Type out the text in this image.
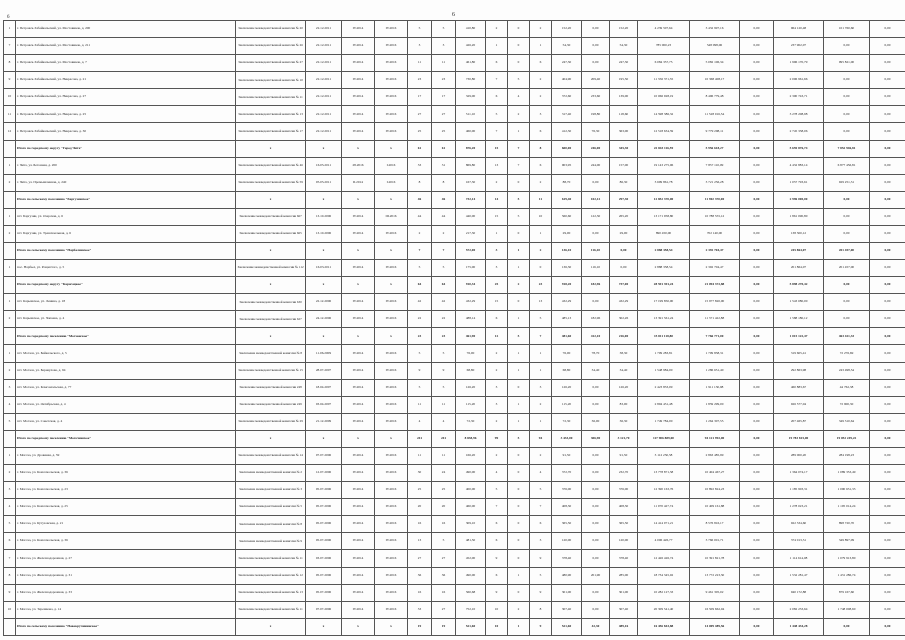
6
6
1	г. Петровск-Забайкальский, ул. Мостовиков, д. 200	Заключение межведомственной комиссии № 20	22.12.2011	IV.2014	IV.2016	5	5	410,80	2	0	2	152,20	0,00	152,20	4 239 507,64	3 432 997,16	0,00	964 120,48	101 760,60	0,00
7	г. Петровск-Забайкальский, ул. Мостовиков, д. 211	Заключение межведомственной комиссии № 26	22.12.2011	IV.2014	IV.2016	3	3	426,20	1	0	1	54,30	0,00	54,30	785 000,23	548 098,06	0,00	237 902,07	0,00	0,00
8	г. Петровск-Забайкальский, ул. Мостовиков, д. 7	Заключение межведомственной комиссии № 27	22.12.2011	IV.2014	IV.2016	11	11	461,80	6	0	6	247,30	0,00	247,30	6 084 357,75	5 082 106,34	0,00	1 996 170,79	995 821,00	0,00
9	г. Петровск-Забайкальский, ул. Некрасова, д. 21	Заключение межведомственной комиссии № 10	22.12.2011	IV.2014	IV.2016	23	23	730,80	7	5	2	404,90	209,40	195,50	11 356 371,35	10 368 408,17	0,00	2 006 961,66	0,00	0,00
10	г. Петровск-Забайкальский, ул. Некрасова, д. 27	Заключение межведомственной комиссии № 11	22.12.2011	IV.2014	IV.2016	17	17	329,00	6	4	2	372,60	233,60	139,00	10 066 928,19	8 496 779,48	0,00	2 300 743,71	0,00	0,00
11	г. Петровск-Забайкальский, ул. Некрасова, д. 25	Заключение межведомственной комиссии № 13	22.12.2011	IV.2014	IV.2016	27	27	511,10	5	2	3	317,40	198,80	118,60	14 598 386,32	11 528 016,54	0,00	3 278 208,98	0,00	0,00
12	г. Петровск-Забайкальский, ул. Некрасова, д. 30	Заключение межведомственной комиссии № 17	22.12.2011	IV.2014	IV.2016	25	25	460,00	7	1	6	412,30	76,30	363,00	12 518 634,59	9 779 298,11	0,00	2 745 338,06	0,00	0,00
	Итого по городскому округу "Город Чита"	x	x	x	x	61	61	876,20	15	7	8	600,00	246,00	345,30	22 843 116,59	5 956 618,27	0,00	5 659 876,74	7 852 946,81	0,00
1	г. Чита, ул. Бетонная, д. 200	Заключение межведомственной комиссии № 46	16.05.2011	28.2016	I.2016	33	31	869,80	13	7	6	903,95	244,00	157,00	19 143 275,06	7 857 110,09	0,00	4 432 883,14	6 877 456,81	0,00
2	г. Чита, ул. Промышленная, д. 240	Заключение межведомственной комиссии № 59	05.05.2011	II.2014	I.2016	8	8	167,30	2	0	2	88,70	0,00	86,30	3 699 861,78	3 721 256,28	0,00	1 057 793,61	929 251,31	0,00
	Итого по сельскому поселению "Баргузинское"	x	x	x	x	46	46	732,14	14	5	11	619,40	102,12	297,30	12 852 370,00	11 902 370,00	0,00	2 996 000,00	0,00	0,00
1	пгт. Баргузин, ул. Озерская, д. 6	Заключение межведомственной комиссии 667	13.10.2006	IV.2014	III.2016	44	44	440,00	15	5	10	560,60	122,30	265,20	13 171 958,80	10 788 555,12	0,00	1 861 090,80	0,00	0,00
2	пгт. Баргузин, ул. Трансваальная, д. 6	Заключение межведомственной комиссии 665	13.10.2006	IV.2014	IV.2016	2	2	217,30	1	0	1	29,00	0,00	29,00	890 450,00	702 140,00	0,00	138 300,12	0,00	0,00
	Итого по сельскому поселению "Нарбалинское"	x	x	x	x	7	7	572,00	3	1	2	136,10	116,10	0,00	2 888 358,54	2 392 704,47	0,00	245 864,07	201 457,00	0,00
1	пос. Нарбыл, ул. Рощистого, д. 5	Заключение межведомственной комиссии № 112	16.03.2011	IV.2014	IV.2016	5	5	175,00	3	1	0	136,30	116,10	0,00	2 888 358,54	2 392 704,47	0,00	201 864,07	201 457,00	0,00
	Итого по городскому округу "Карагацкое"	x	x	x	x	64	64	910,34	25	2	23	918,20	182,96	737,00	28 591 391,24	21 094 372,88	0,00	5 898 270,42	0,00	0,00
1	пгт. Карымское, ул. Ленина, д. 18	Заключение межведомственной комиссии 630	22.12.2006	IV.2014	IV.2016	42	42	432,29	15	0	13	432,29	0,00	432,29	17 199 850,00	15 977 820,00	0,00	1 543 080,00	0,00	0,00
2	пгт. Карымское, ул. Чапаева, д. 4	Заключение межведомственной комиссии 627	24.12.2006	IV.2014	IV.2016	22	22	488,14	6	1	5	485,13	182,96	302,26	13 391 561,24	11 371 422,88	0,00	1 588 180,12	0,00	0,00
	Итого по городскому поселению "Могзонское"	x	x	x	x	23	23	461,90	12	5	7	481,60	412,10	216,00	15 811 118,80	7 766 771,00	0,00	1 015 122,47	463 421,33	0,00
1	пгт. Могзон, ул. Байкальского, д. 5	Заключение межведомственной комиссии № 8	11.06.2009	IV.2014	IV.2016	5	5	76,00	2	1	1	76,00	78,70	38,30	1 709 283,81	1 709 838,31	0,00	319 605,41	72 276,69	0,00
2	пгт. Могзон, ул. Барнаулова, д. 94	Заключение межведомственной комиссии № 15	28.07.2007	IV.2014	IV.2016	9	9	68,80	2	1	1	68,80	34,40	34,40	1 548 984,00	1 286 651,40	0,00	292 863,98	243 498,54	0,00
3	пгт. Могзон, ул. Комсомольская, д. 77	Заключение межведомственной комиссии 248	18.04.2007	IV.2014	IV.2016	5	5	126,20	3	0	3	126,20	0,00	126,20	2 423 833,09	1 911 130,98	0,00	460 883,67	44 762,38	0,00
4	пгт. Могзон, ул. Октябрьская, д. 4	Заключение межведомственной комиссии 249	03.04.2007	IV.2014	IV.2016	11	11	115,20	3	1	2	115,20	0,00	83,00	2 894 431,48	1 859 299,00	0,00	926 577,04	72 900,30	0,00
5	пгт. Могзон, ул. Советская, д. 4	Заключение межведомственной комиссии № 29	21.12.2009	IV.2014	IV.2016	4	4	72,30	2	1	1	72,30	36,00	36,30	1 749 784,00	1 264 307,55	0,00	207 465,87	349 310,64	0,00
	Итого по городскому поселению "Могочинское"	x	x	x	x	241	241	8 838,96	99	5	94	3 433,00	306,90	3 121,70	117 906 889,00	94 121 992,00	0,00	19 783 815,00	19 052 249,22	0,00
1	г. Могоча, ул. Дровяная, д. 59	Заключение межведомственной комиссии № 14	07.07.2006	IV.2014	IV.2016	11	11	166,20	2	0	2	91,50	0,00	91,50	3 112 250,58	2 863 485,99	0,00	289 000,20	284 198,23	0,00
2	г. Могоча, ул. Комсомольская, д. 36	Заключение межведомственной комиссии № 2	12.07.2006	IV.2014	IV.2016	30	24	490,00	4	0	4	372,70	0,00	232,70	13 778 871,58	10 404 467,27	0,00	1 364 074,17	1 089 353,49	0,00
3	г. Могоча, ул. Комсомольская, д. 23	Заключение межведомственной комиссии № 3	05.07.2006	IV.2014	IV.2016	25	25	400,00	5	0	5	376,00	0,00	376,00	12 390 163,76	10 892 824,23	0,00	1 185 903,31	1 090 631,33	0,00
4	г. Могоча, ул. Комсомольская, д. 25	Заключение межведомственной комиссии № 5	05.07.2006	IV.2014	IV.2016	20	20	460,00	7	0	7	408,30	0,00	408,30	11 970 427,74	10 409 161,88	0,00	1 278 023,21	1 195 014,24	0,00
5	г. Могоча, ул. Кутузовская, д. 21	Заключение межведомственной комиссии № 8	05.07.2006	IV.2014	IV.2016	16	16	309,10	6	0	6	365,50	0,00	365,50	14 414 071,21	8 576 816,17	0,00	922 334,60	898 720,70	0,00
6	г. Могоча, ул. Комсомольская, д. 36	Заключение межведомственной комиссии № 9	05.07.2006	IV.2014	IV.2016	13	5	481,50	6	0	3	120,00	0,00	120,00	4 006 426,77	3 766 001,71	0,00	374 013,51	349 897,09	0,00
7	г. Могоча, ул. Железнодорожная, д. 27	Заключение межведомственной комиссии № 11	03.07.2006	IV.2014	IV.2016	27	27	452,00	9	0	9	378,40	0,00	378,40	12 426 426,74	10 391 821,78	0,00	1 114 614,08	1 079 913,80	0,00
8	г. Могоча, ул. Железнодорожная, д. 31	Заключение межведомственной комиссии № 12	05.07.2006	IV.2014	IV.2016	36	36	490,00	6	1	5	480,90	201,90	285,00	18 734 345,02	13 772 223,50	0,00	1 532 281,47	1 431 286,74	0,00
9	г. Могоча, ул. Железнодорожная, д. 33	Заключение межведомственной комиссии № 13	05.07.2006	IV.2014	IV.2016	16	16	560,68	9	0	9	301,00	0,00	301,00	10 282 127,33	9 461 305,02	0,00	940 172,88	879 167,60	0,00
10	г. Могоча, ул. Терешкова, д. 14	Заключение межведомственной комиссии № 11	07.07.2006	IV.2014	IV.2016	33	27	752,10	10	2	8	307,40	0,00	307,40	20 309 541,40	16 509 662,04	0,00	2 082 233,64	1 748 008,60	0,00
	Итого по сельскому поселению "Новокручининское"	x	x	x	x	19	19	521,60	10	1	9	521,60	42,30	489,16	16 456 843,88	14 009 489,56	0,00	1 448 434,28	0,00	0,00
